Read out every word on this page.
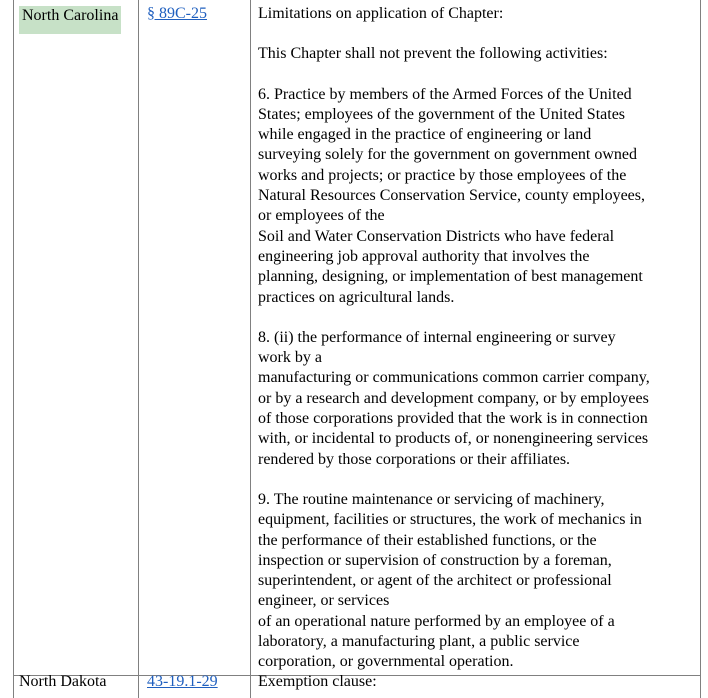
North Carolina § 89C-25	Limitations on application of Chapter:

This Chapter shall not prevent the following activities:

6. Practice by members of the Armed Forces of the United
States; employees of the government of the United States
while engaged in the practice of engineering or land
surveying solely for the government on government owned
works and projects; or practice by those employees of the
Natural Resources Conservation Service, county employees,
or employees of the
Soil and Water Conservation Districts who have federal
engineering job approval authority that involves the
planning, designing, or implementation of best management
practices on agricultural lands.

8. (ii) the performance of internal engineering or survey
work by a
manufacturing or communications common carrier company,
or by a research and development company, or by employees
of those corporations provided that the work is in connection
with, or incidental to products of, or nonengineering services
rendered by those corporations or their affiliates.

9. The routine maintenance or servicing of machinery,
equipment, facilities or structures, the work of mechanics in
the performance of their established functions, or the
inspection or supervision of construction by a foreman,
superintendent, or agent of the architect or professional
engineer, or services
of an operational nature performed by an employee of a
laboratory, a manufacturing plant, a public service
corporation, or governmental operation.

North Dakota	43-19.1-29	Exemption clause:
